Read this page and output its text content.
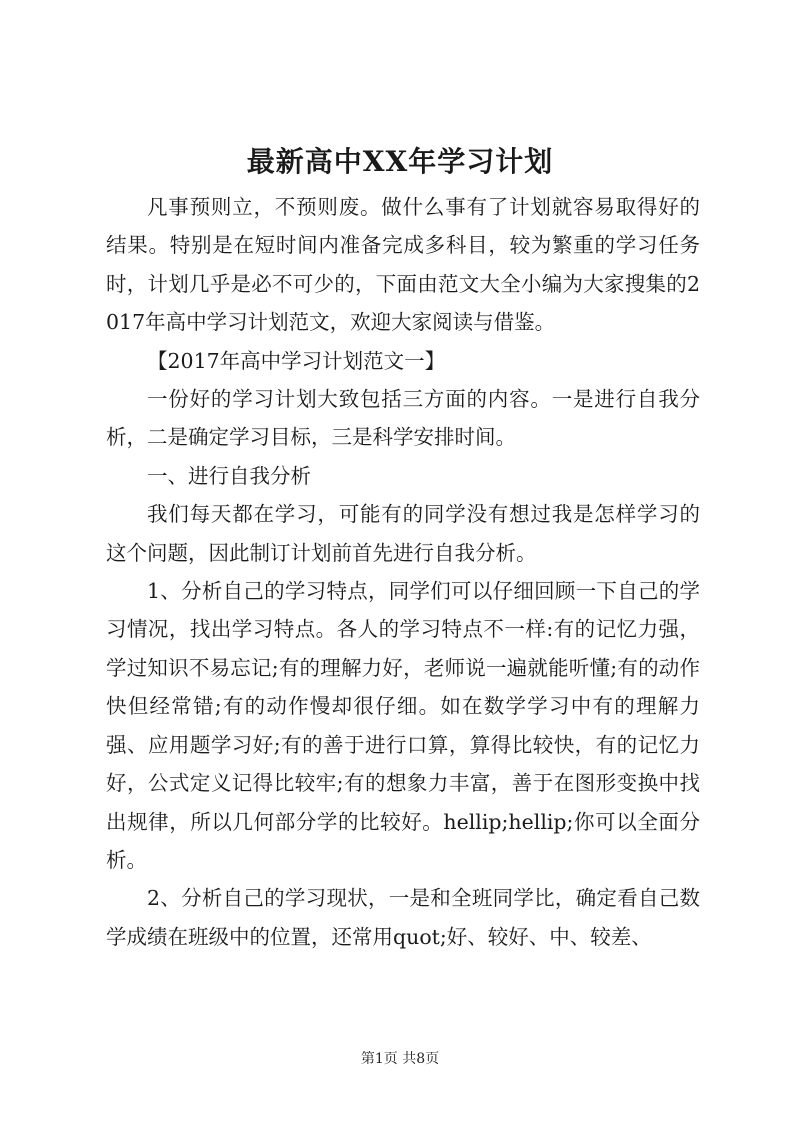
最新高中XX年学习计划

凡事预则立，不预则废。做什么事有了计划就容易取得好的结果。特别是在短时间内准备完成多科目，较为繁重的学习任务时，计划几乎是必不可少的，下面由范文大全小编为大家搜集的2017年高中学习计划范文，欢迎大家阅读与借鉴。

【2017年高中学习计划范文一】

一份好的学习计划大致包括三方面的内容。一是进行自我分析，二是确定学习目标，三是科学安排时间。

一、进行自我分析

我们每天都在学习，可能有的同学没有想过我是怎样学习的这个问题，因此制订计划前首先进行自我分析。

1、分析自己的学习特点，同学们可以仔细回顾一下自己的学习情况，找出学习特点。各人的学习特点不一样:有的记忆力强，学过知识不易忘记;有的理解力好，老师说一遍就能听懂;有的动作快但经常错;有的动作慢却很仔细。如在数学学习中有的理解力强、应用题学习好;有的善于进行口算，算得比较快，有的记忆力好，公式定义记得比较牢;有的想象力丰富，善于在图形变换中找出规律，所以几何部分学的比较好。hellip;hellip;你可以全面分析。

2、分析自己的学习现状，一是和全班同学比，确定看自己数学成绩在班级中的位置，还常用quot;好、较好、中、较差、

第1页 共8页
